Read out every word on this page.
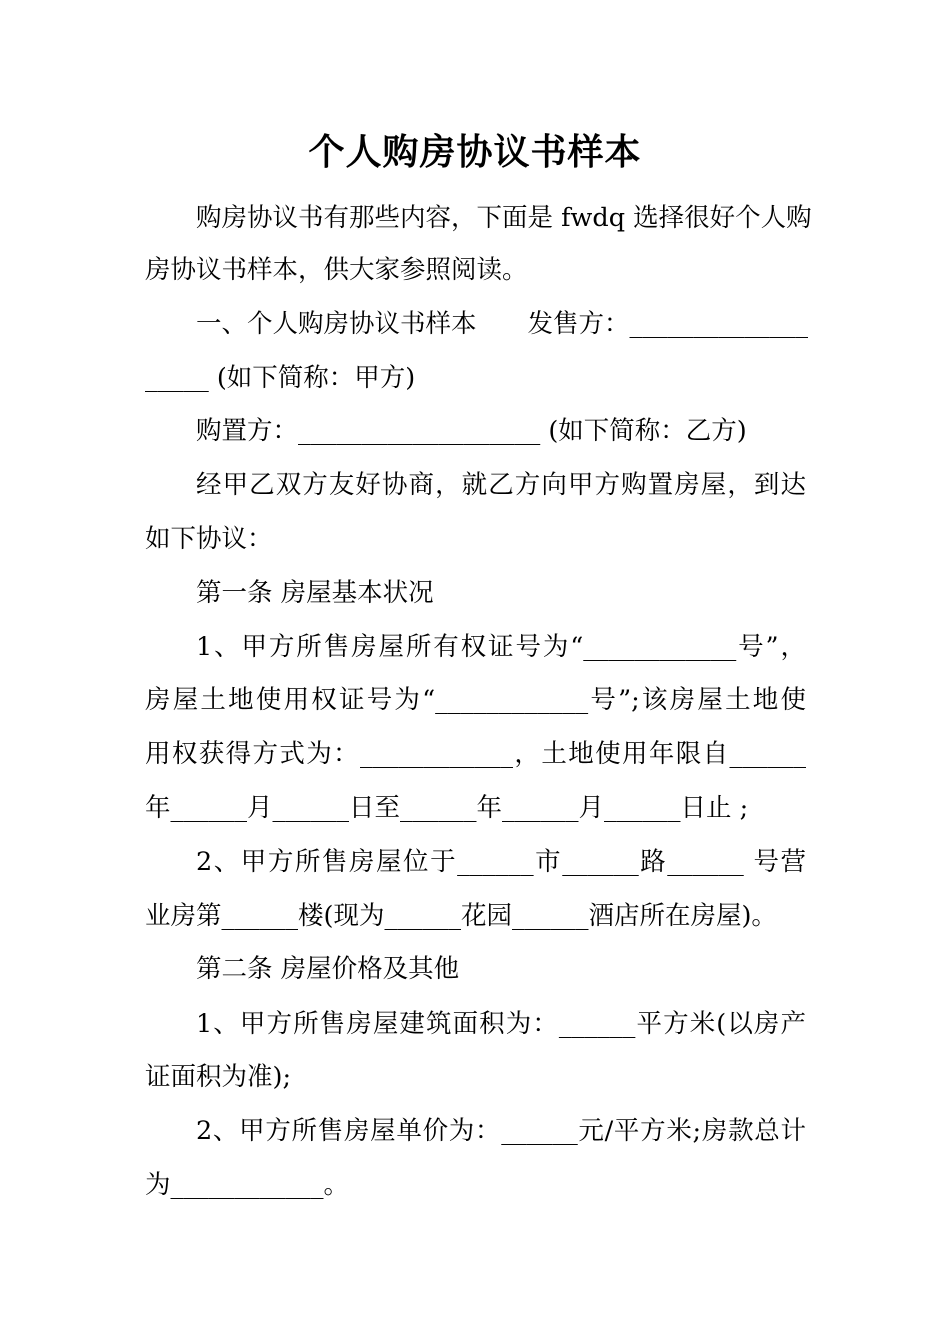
个人购房协议书样本
购房协议书有那些内容，下面是 fwdq 选择很好个人购
房协议书样本，供大家参照阅读。
一、个人购房协议书样本　　发售方：______________
_____ (如下简称：甲方)
购置方：___________________ (如下简称：乙方)
经甲乙双方友好协商，就乙方向甲方购置房屋，到达
如下协议：
第一条 房屋基本状况
1、甲方所售房屋所有权证号为“____________号”，
房屋土地使用权证号为“____________号”;该房屋土地使
用权获得方式为：____________，土地使用年限自______
年______月______日至______年______月______日止 ;
2、甲方所售房屋位于______市______路______ 号营
业房第______楼(现为______花园______酒店所在房屋)。
第二条 房屋价格及其他
1、甲方所售房屋建筑面积为：______平方米(以房产
证面积为准);
2、甲方所售房屋单价为：______元/平方米;房款总计
为____________。
